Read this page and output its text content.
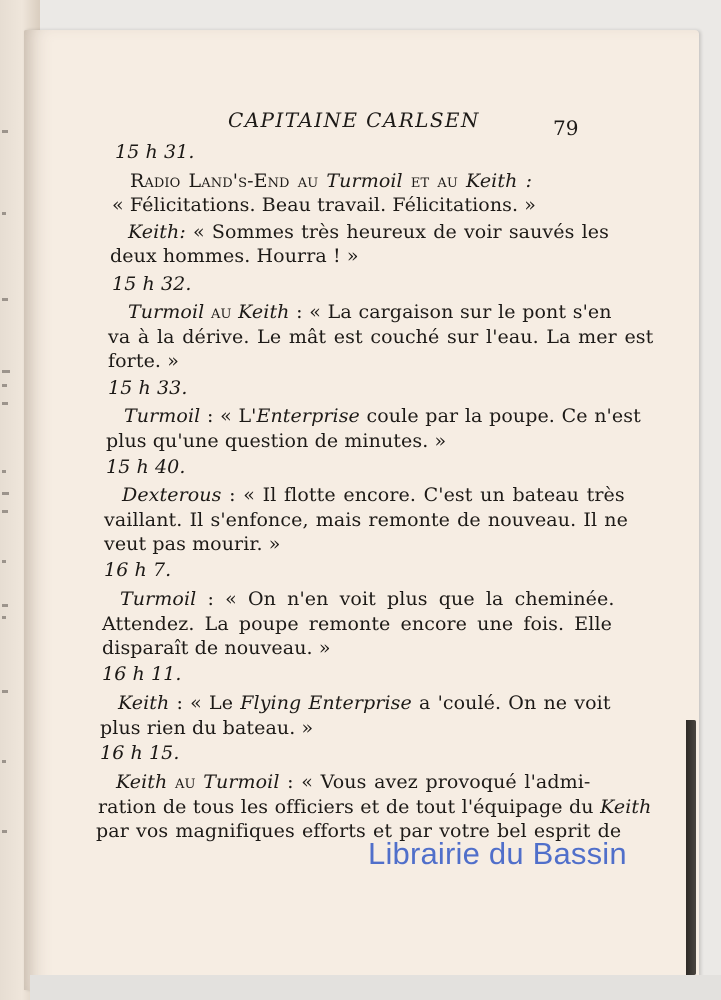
CAPITAINE CARLSEN	79
15 h 31.
Radio Land's-End au Turmoil et au Keith :
« Félicitations. Beau travail. Félicitations. »
Keith: « Sommes très heureux de voir sauvés les
deux hommes. Hourra ! »
15 h 32.
Turmoil au Keith : « La cargaison sur le pont s'en
va à la dérive. Le mât est couché sur l'eau. La mer est
forte. »
15 h 33.
Turmoil : « L'Enterprise coule par la poupe. Ce n'est
plus qu'une question de minutes. »
15 h 40.
Dexterous : « Il flotte encore. C'est un bateau très
vaillant. Il s'enfonce, mais remonte de nouveau. Il ne
veut pas mourir. »
16 h 7.
Turmoil : « On n'en voit plus que la cheminée.
Attendez. La poupe remonte encore une fois. Elle
disparaît de nouveau. »
16 h 11.
Keith : « Le Flying Enterprise a 'coulé. On ne voit
plus rien du bateau. »
16 h 15.
Keith au Turmoil : « Vous avez provoqué l'admi-
ration de tous les officiers et de tout l'équipage du Keith
par vos magnifiques efforts et par votre bel esprit de
Librairie du Bassin
